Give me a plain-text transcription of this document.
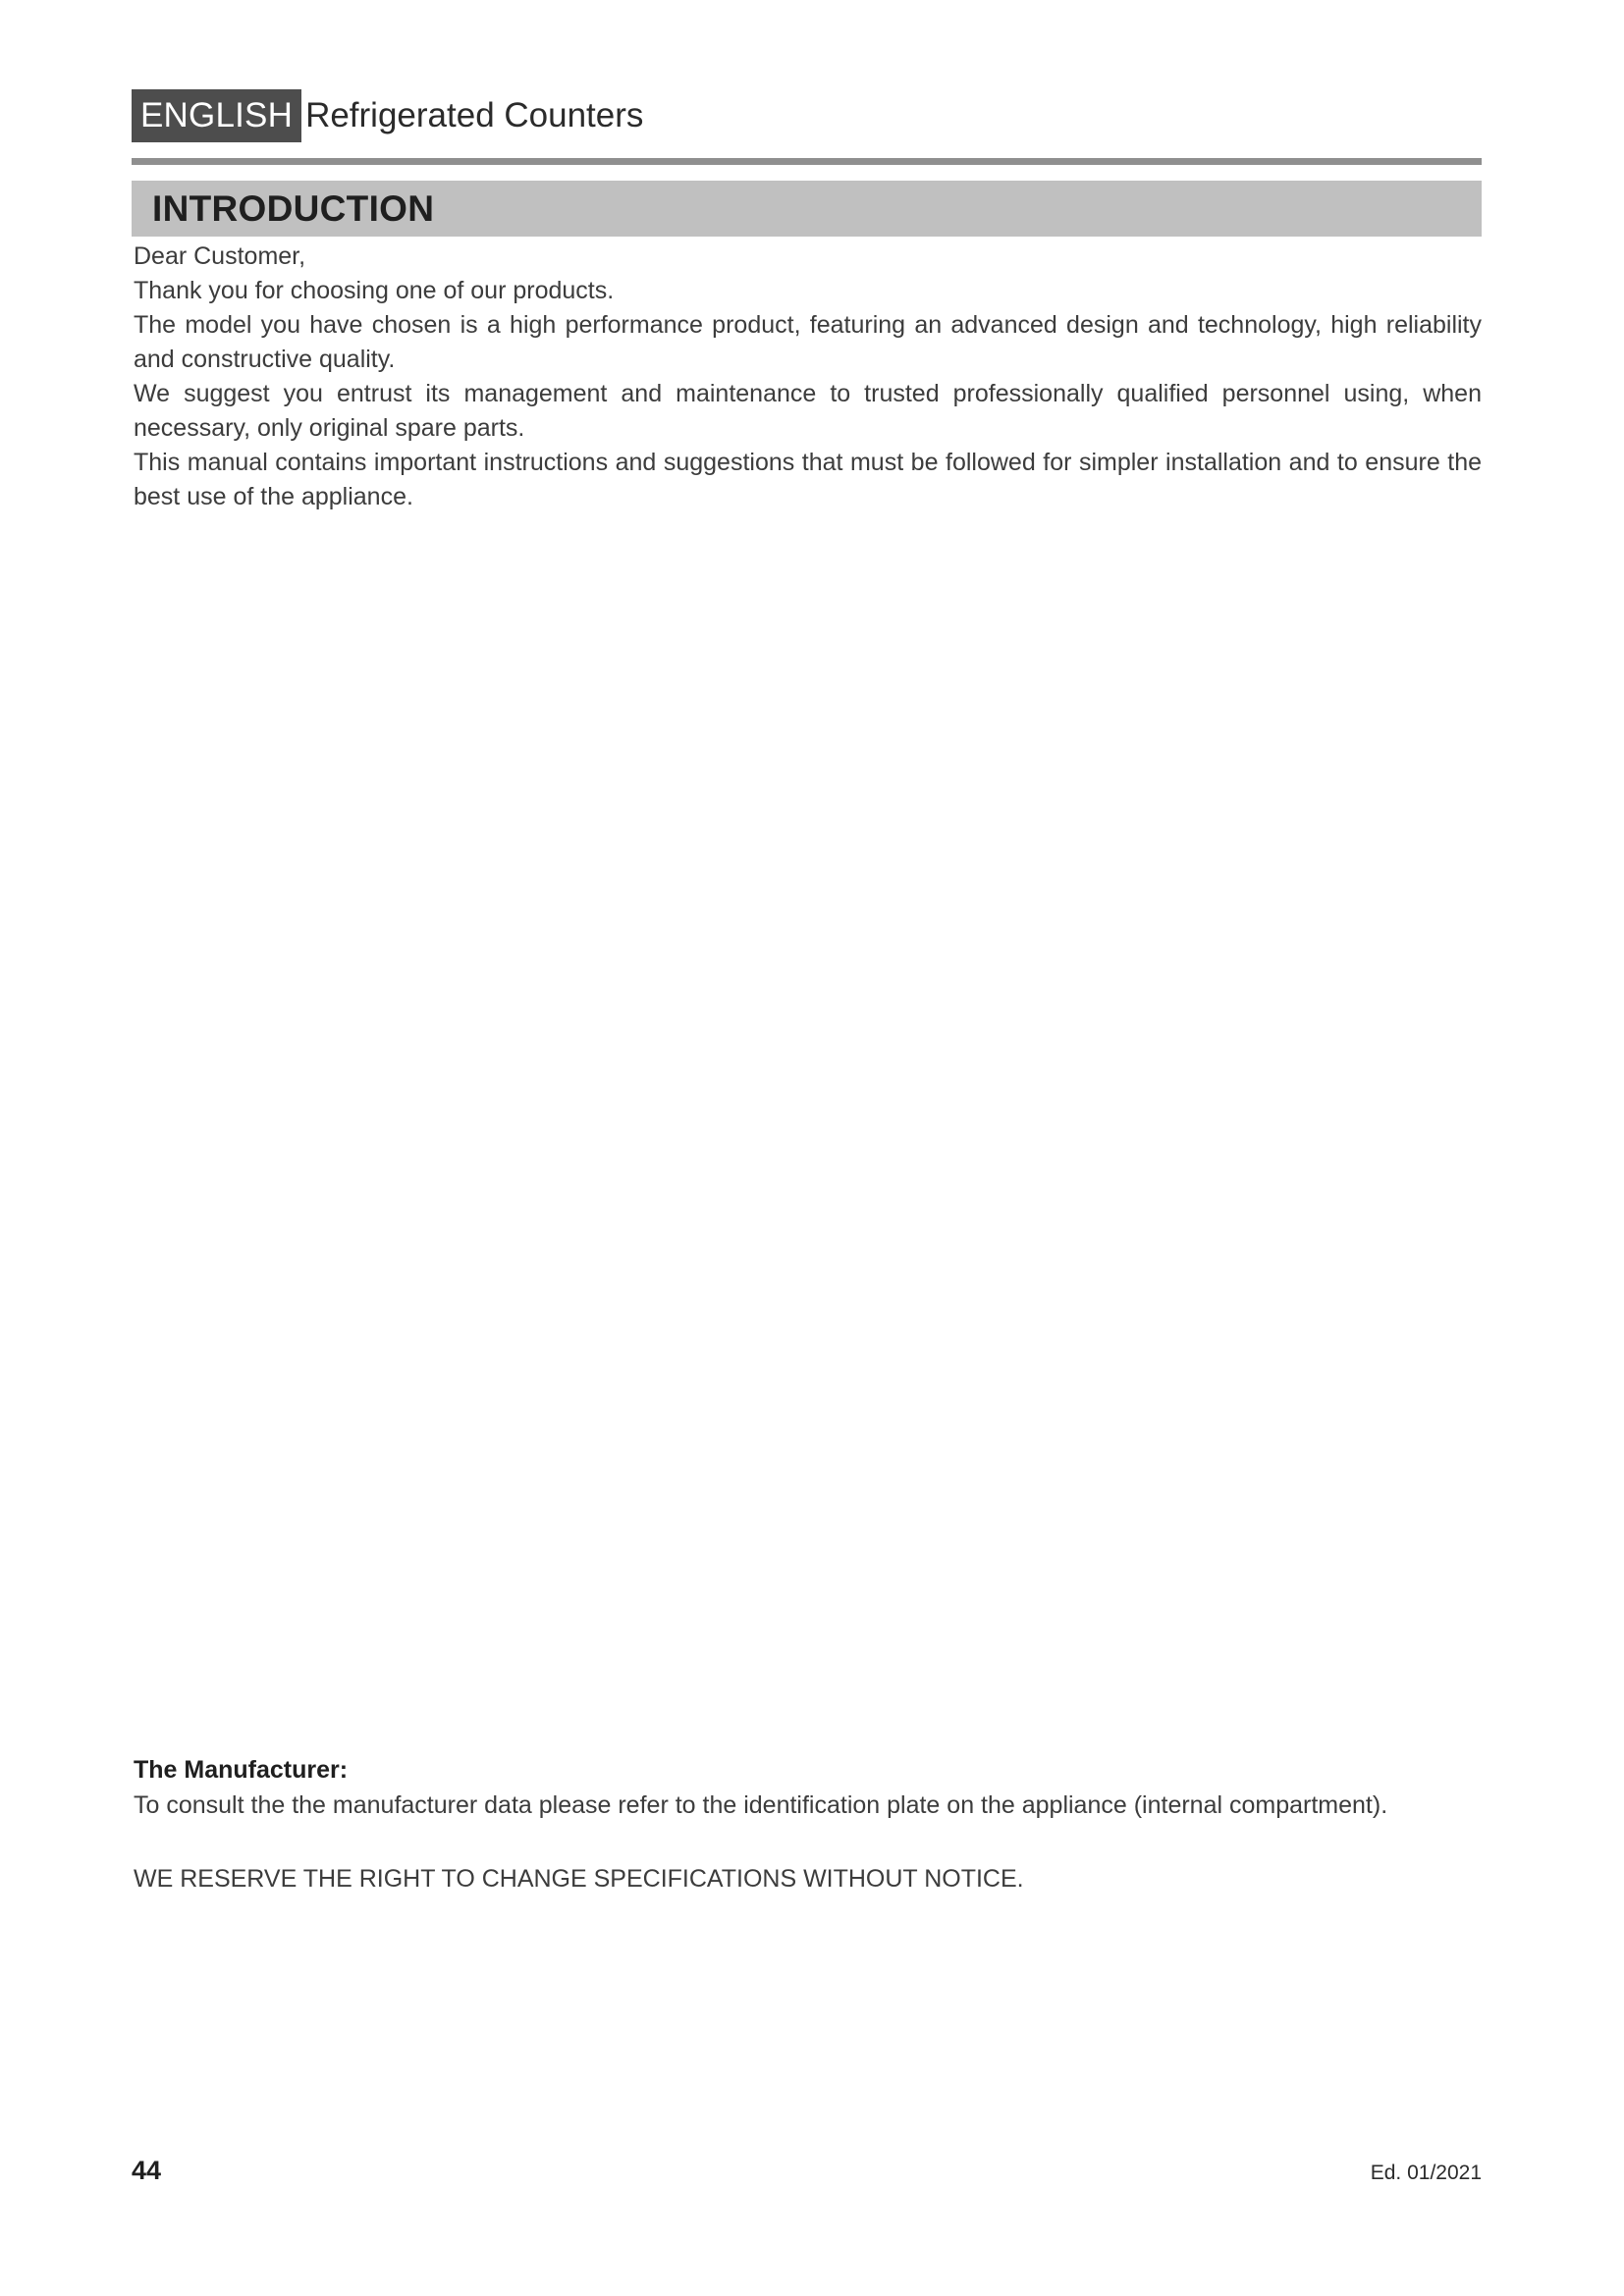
ENGLISH Refrigerated Counters
INTRODUCTION

Dear Customer,

Thank you for choosing one of our products.

The model you have chosen is a high performance product, featuring an advanced design and technology, high reliability and constructive quality.

We suggest you entrust its management and maintenance to trusted professionally qualified personnel using, when necessary, only original spare parts.

This manual contains important instructions and suggestions that must be followed for simpler installation and to ensure the best use of the appliance.

The Manufacturer:
To consult the the manufacturer data please refer to the identification plate on the appliance (internal compartment).
WE RESERVE THE RIGHT TO CHANGE SPECIFICATIONS WITHOUT NOTICE.
44	Ed. 01/2021
